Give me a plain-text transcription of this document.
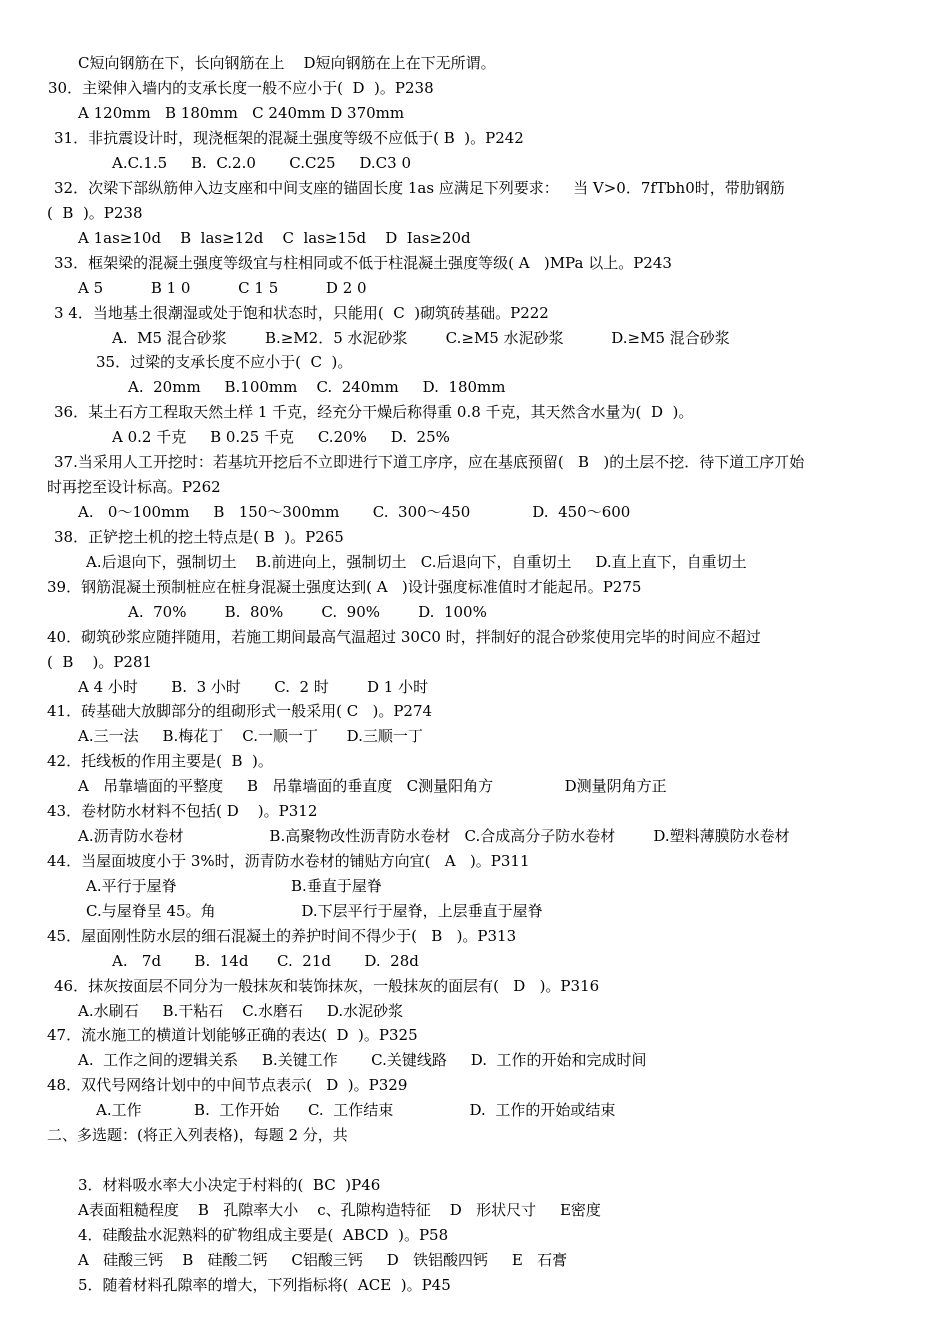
C短向钢筋在下，长向钢筋在上    D短向钢筋在上在下无所谓。
30．主梁伸入墙内的支承长度一般不应小于(  D  )。P238
A 120mm   B 180mm   C 240mm D 370mm
31．非抗震设计时，现浇框架的混凝土强度等级不应低于( B  )。P242
A.C.1.5     B.  C.2.0       C.C25     D.C3 0
32．次梁下部纵筋伸入边支座和中间支座的锚固长度 1as 应满足下列要求：   当 V>0．7fTbh0时，带肋钢筋
(  B  )。P238
A 1as≥10d    B  las≥12d    C  las≥15d    D  Ias≥20d
33．框架梁的混凝土强度等级宜与柱相同或不低于柱混凝土强度等级( A   )MPa 以上。P243
A 5          B 1 0          C 1 5          D 2 0
3 4．当地基土很潮湿或处于饱和状态时，只能用(  C  )砌筑砖基础。P222
A.  M5 混合砂浆        B.≥M2．5 水泥砂浆        C.≥M5 水泥砂浆          D.≥M5 混合砂浆
35．过梁的支承长度不应小于(  C  )。
A.  20mm     B.100mm    C.  240mm     D.  180mm
36．某土石方工程取天然土样 1 千克，经充分干燥后称得重 0.8 千克，其天然含水量为(  D  )。
A 0.2 千克     B 0.25 千克     C.20%     D.  25%
37.当采用人工开挖时：若基坑开挖后不立即进行下道工序序，应在基底预留(   B   )的土层不挖．待下道工序丌始
时再挖至设计标高。P262
A.   0～100mm     B   150～300mm       C.  300～450             D.  450～600
38．正铲挖土机的挖土特点是( B  )。P265
A.后退向下，强制切土    B.前进向上，强制切土   C.后退向下，自重切土     D.直上直下，自重切土
39．钢筋混凝土预制桩应在桩身混凝土强度达到( A   )设计强度标准值时才能起吊。P275
A.  70%        B.  80%        C.  90%        D.  100%
40．砌筑砂浆应随拌随用，若施工期间最高气温超过 30C0 时，拌制好的混合砂浆使用完毕的时间应不超过
(  B    )。P281
A 4 小时       B.  3 小时       C.  2 时        D 1 小时
41．砖基础大放脚部分的组砌形式一般采用( C   )。P274
A.三一法     B.梅花丁    C.一顺一丁      D.三顺一丁
42．托线板的作用主要是(  B  )。
A   吊靠墙面的平整度     B   吊靠墙面的垂直度   C测量阳角方               D测量阴角方正
43．卷材防水材料不包括( D    )。P312
A.沥青防水卷材                  B.高聚物改性沥青防水卷材   C.合成高分子防水卷材        D.塑料薄膜防水卷材
44．当屋面坡度小于 3%时，沥青防水卷材的铺贴方向宜(   A   )。P311
A.平行于屋脊                        B.垂直于屋脊
C.与屋脊呈 45。角                  D.下层平行于屋脊，上层垂直于屋脊
45．屋面刚性防水层的细石混凝土的养护时间不得少于(   B   )。P313
A.   7d       B.  14d      C.  21d       D.  28d
46．抹灰按面层不同分为一般抹灰和装饰抹灰，一般抹灰的面层有(   D   )。P316
A.水刷石     B.干粘石    C.水磨石     D.水泥砂浆
47．流水施工的横道计划能够正确的表达(  D  )。P325
A.  工作之间的逻辑关系     B.关键工作       C.关键线路     D.  工作的开始和完成时间
48．双代号网络计划中的中间节点表示(   D  )。P329
A.工作           B.  工作开始      C.  工作结束                D.  工作的开始或结束
二、多选题：(将正入列表格)，每题 2 分，共
3．材料吸水率大小决定于村料的(  BC  )P46
A表面粗糙程度    B   孔隙率大小    c、孔隙构造特征    D   形状尺寸     E密度
4．硅酸盐水泥熟料的矿物组成主要是(  ABCD  )。P58
A   硅酸三钙    B   硅酸二钙     C铝酸三钙     D   铁铝酸四钙     E   石膏
5．随着材料孔隙率的增大，下列指标将(  ACE  )。P45
